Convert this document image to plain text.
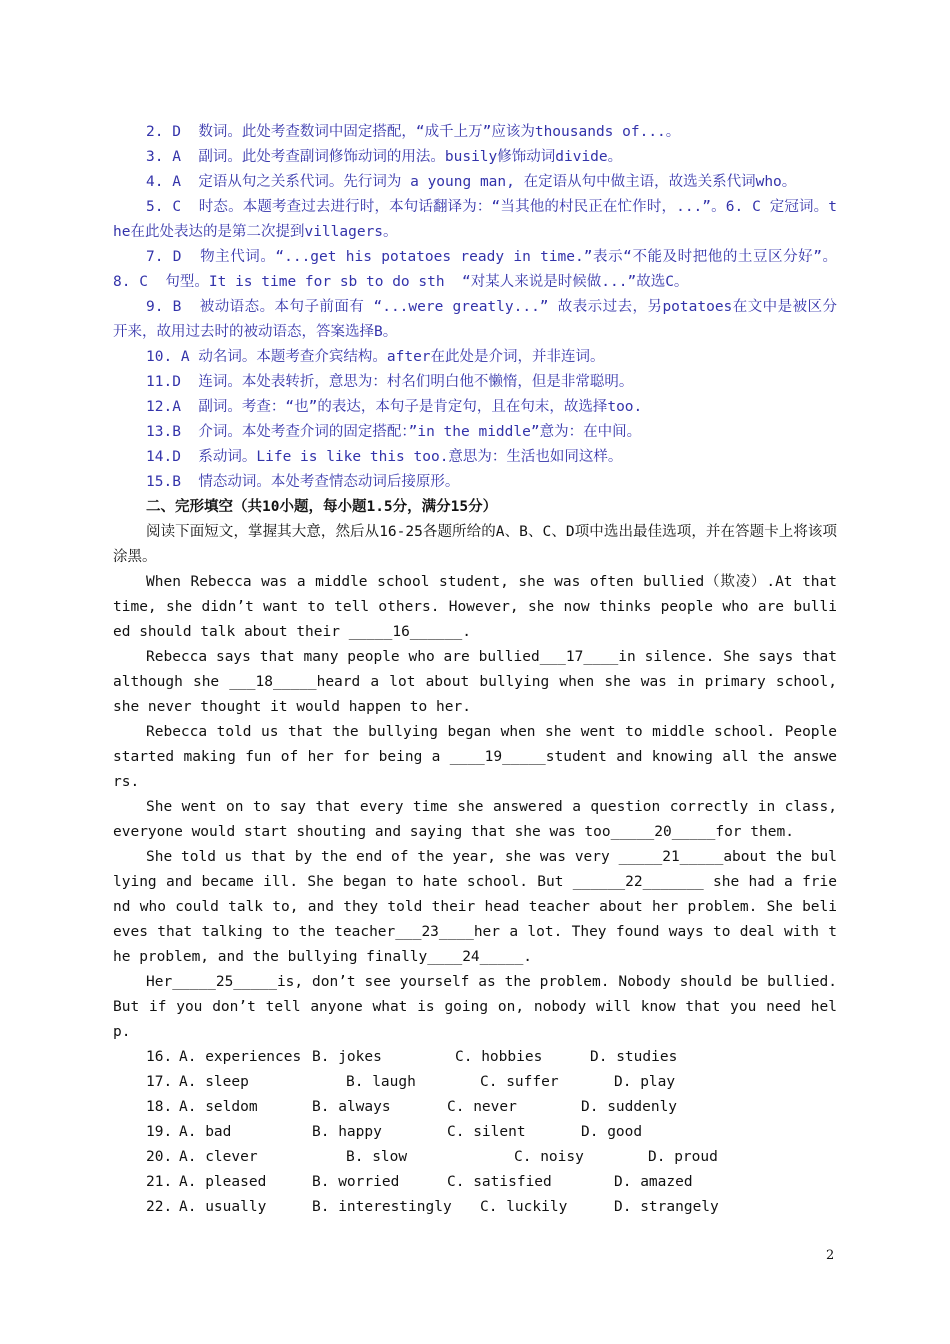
2. D  数词。此处考查数词中固定搭配，“成千上万”应该为thousands of...。

3. A  副词。此处考查副词修饰动词的用法。busily修饰动词divide。

4. A  定语从句之关系代词。先行词为 a young man, 在定语从句中做主语，故选关系代词who。

5. C  时态。本题考查过去进行时，本句话翻译为：“当其他的村民正在忙作时，...”。6. C 定冠词。the在此处表达的是第二次提到villagers。

7. D  物主代词。“...get his potatoes ready in time.”表示“不能及时把他的土豆区分好”。8. C  句型。It is time for sb to do sth  “对某人来说是时候做...”故选C。

9. B  被动语态。本句子前面有 “...were greatly...” 故表示过去，另potatoes在文中是被区分开来，故用过去时的被动语态，答案选择B。

10. A 动名词。本题考查介宾结构。after在此处是介词，并非连词。

11.D  连词。本处表转折，意思为：村名们明白他不懒惰，但是非常聪明。

12.A  副词。考查：“也”的表达，本句子是肯定句，且在句末，故选择too.

13.B  介词。本处考查介词的固定搭配：”in the middle”意为：在中间。

14.D  系动词。Life is like this too.意思为：生活也如同这样。

15.B  情态动词。本处考查情态动词后接原形。

二、完形填空（共10小题，每小题1.5分，满分15分）

阅读下面短文，掌握其大意，然后从16-25各题所给的A、B、C、D项中选出最佳选项，并在答题卡上将该项涂黑。

When Rebecca was a middle school student, she was often bullied（欺凌）.At that time, she didn’t want to tell others. However, she now thinks people who are bullied should talk about their _____16______.

Rebecca says that many people who are bullied___17____in silence. She says that although she ___18_____heard a lot about bullying when she was in primary school, she never thought it would happen to her.

Rebecca told us that the bullying began when she went to middle school. People started making fun of her for being a ____19_____student and knowing all the answers.

She went on to say that every time she answered a question correctly in class, everyone would start shouting and saying that she was too_____20_____for them.

She told us that by the end of the year, she was very _____21_____about the bullying and became ill. She began to hate school. But ______22_______ she had a friend who could talk to, and they told their head teacher about her problem. She believes that talking to the teacher___23____her a lot. They found ways to deal with the problem, and the bullying finally____24_____.

Her_____25_____is, don’t see yourself as the problem. Nobody should be bullied. But if you don’t tell anyone what is going on, nobody will know that you need help.

16. A. experiences B. jokes	C. hobbies	D. studies
17. A. sleep	B. laugh	C. suffer	D. play
18. A. seldom	B. always	C. never	D. suddenly
19. A. bad	B. happy	C. silent	D. good
20. A. clever	B. slow	C. noisy	D. proud
21. A. pleased	B. worried	C. satisfied	D. amazed
22. A. usually	B. interestingly	C. luckily	D. strangely
2
